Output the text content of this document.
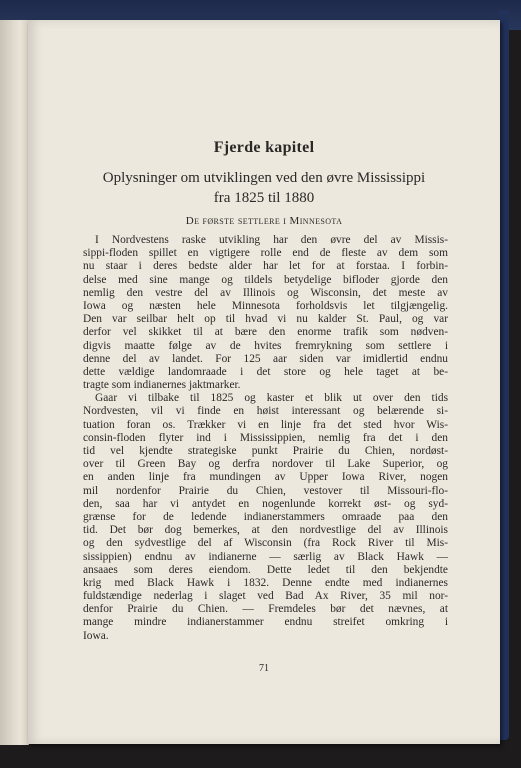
Fjerde kapitel
Oplysninger om utviklingen ved den øvre Mississippi
fra 1825 til 1880
De første settlere i Minnesota
I Nordvestens raske utvikling har den øvre del av Missis-
sippi-floden spillet en vigtigere rolle end de fleste av dem som
nu staar i deres bedste alder har let for at forstaa. I forbin-
delse med sine mange og tildels betydelige bifloder gjorde den
nemlig den vestre del av Illinois og Wisconsin, det meste av
Iowa og næsten hele Minnesota forholdsvis let tilgjængelig.
Den var seilbar helt op til hvad vi nu kalder St. Paul, og var
derfor vel skikket til at bære den enorme trafik som nødven-
digvis maatte følge av de hvites fremrykning som settlere i
denne del av landet. For 125 aar siden var imidlertid endnu
dette vældige landomraade i det store og hele taget at be-
tragte som indianernes jaktmarker.
Gaar vi tilbake til 1825 og kaster et blik ut over den tids
Nordvesten, vil vi finde en høist interessant og belærende si-
tuation foran os. Trækker vi en linje fra det sted hvor Wis-
consin-floden flyter ind i Mississippien, nemlig fra det i den
tid vel kjendte strategiske punkt Prairie du Chien, nordøst-
over til Green Bay og derfra nordover til Lake Superior, og
en anden linje fra mundingen av Upper Iowa River, nogen
mil nordenfor Prairie du Chien, vestover til Missouri-flo-
den, saa har vi antydet en nogenlunde korrekt øst- og syd-
grænse for de ledende indianerstammers omraade paa den
tid. Det bør dog bemerkes, at den nordvestlige del av Illinois
og den sydvestlige del af Wisconsin (fra Rock River til Mis-
sissippien) endnu av indianerne — særlig av Black Hawk —
ansaaes som deres eiendom. Dette ledet til den bekjendte
krig med Black Hawk i 1832. Denne endte med indianernes
fuldstændige nederlag i slaget ved Bad Ax River, 35 mil nor-
denfor Prairie du Chien. — Fremdeles bør det nævnes, at
mange mindre indianerstammer endnu streifet omkring i
Iowa.
71
